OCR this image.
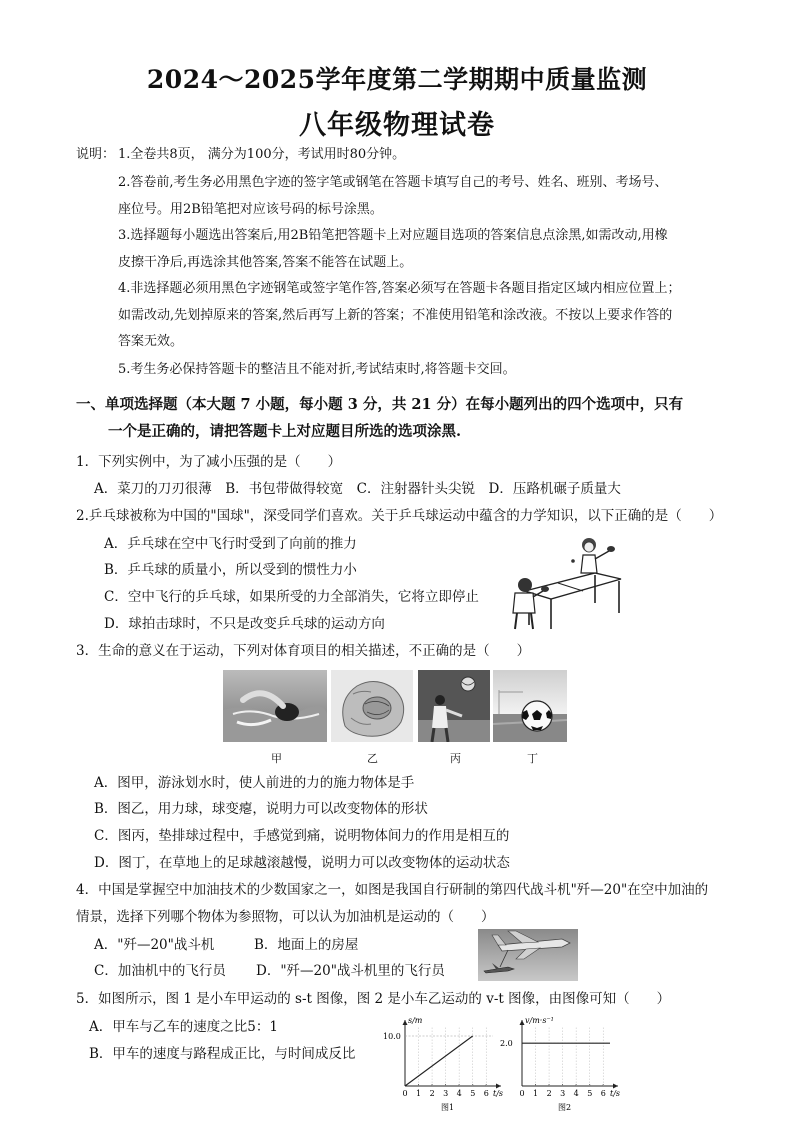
2024～2025学年度第二学期期中质量监测
八年级物理试卷
说明： 1.全卷共8页， 满分为100分，考试用时80分钟。
2.答卷前,考生务必用黑色字迹的签字笔或钢笔在答题卡填写自己的考号、姓名、班别、考场号、
座位号。用2B铅笔把对应该号码的标号涂黑。
3.选择题每小题选出答案后,用2B铅笔把答题卡上对应题目选项的答案信息点涂黑,如需改动,用橡
皮擦干净后,再选涂其他答案,答案不能答在试题上。
4.非选择题必须用黑色字迹钢笔或签字笔作答,答案必须写在答题卡各题目指定区域内相应位置上；
如需改动,先划掉原来的答案,然后再写上新的答案；不准使用铅笔和涂改液。不按以上要求作答的
答案无效。
5.考生务必保持答题卡的整洁且不能对折,考试结束时,将答题卡交回。
一、单项选择题（本大题 7 小题，每小题 3 分，共 21 分）在每小题列出的四个选项中，只有
一个是正确的，请把答题卡上对应题目所选的选项涂黑.
1．下列实例中，为了减小压强的是（　　）
A．菜刀的刀刃很薄　B．书包带做得较宽　C．注射器针头尖锐　D．压路机碾子质量大
2.乒乓球被称为中国的"国球"，深受同学们喜欢。关于乒乓球运动中蕴含的力学知识，以下正确的是（　　）
A．乒乓球在空中飞行时受到了向前的推力
B．乒乓球的质量小，所以受到的惯性力小
C．空中飞行的乒乓球，如果所受的力全部消失，它将立即停止
D．球拍击球时，不只是改变乒乓球的运动方向
3．生命的意义在于运动，下列对体育项目的相关描述，不正确的是（　　）
甲	乙	丙	丁
A．图甲，游泳划水时，使人前进的力的施力物体是手
B．图乙，用力球，球变瘪，说明力可以改变物体的形状
C．图丙，垫排球过程中，手感觉到痛，说明物体间力的作用是相互的
D．图丁，在草地上的足球越滚越慢，说明力可以改变物体的运动状态
4．中国是掌握空中加油技术的少数国家之一，如图是我国自行研制的第四代战斗机"歼—20"在空中加油的
情景，选择下列哪个物体为参照物，可以认为加油机是运动的（　　）
A．"歼—20"战斗机	B．地面上的房屋
C．加油机中的飞行员 D．"歼—20"战斗机里的飞行员
5．如图所示，图 1 是小车甲运动的 s-t 图像，图 2 是小车乙运动的 v-t 图像，由图像可知（　　）
A．甲车与乙车的速度之比5：1
B．甲车的速度与路程成正比，与时间成反比
s/m
t/s
0 1 2 3 4 5 6
10.0
图1
v/m·s⁻¹
t/s
0 1 2 3 4 5 6
2.0
图2
